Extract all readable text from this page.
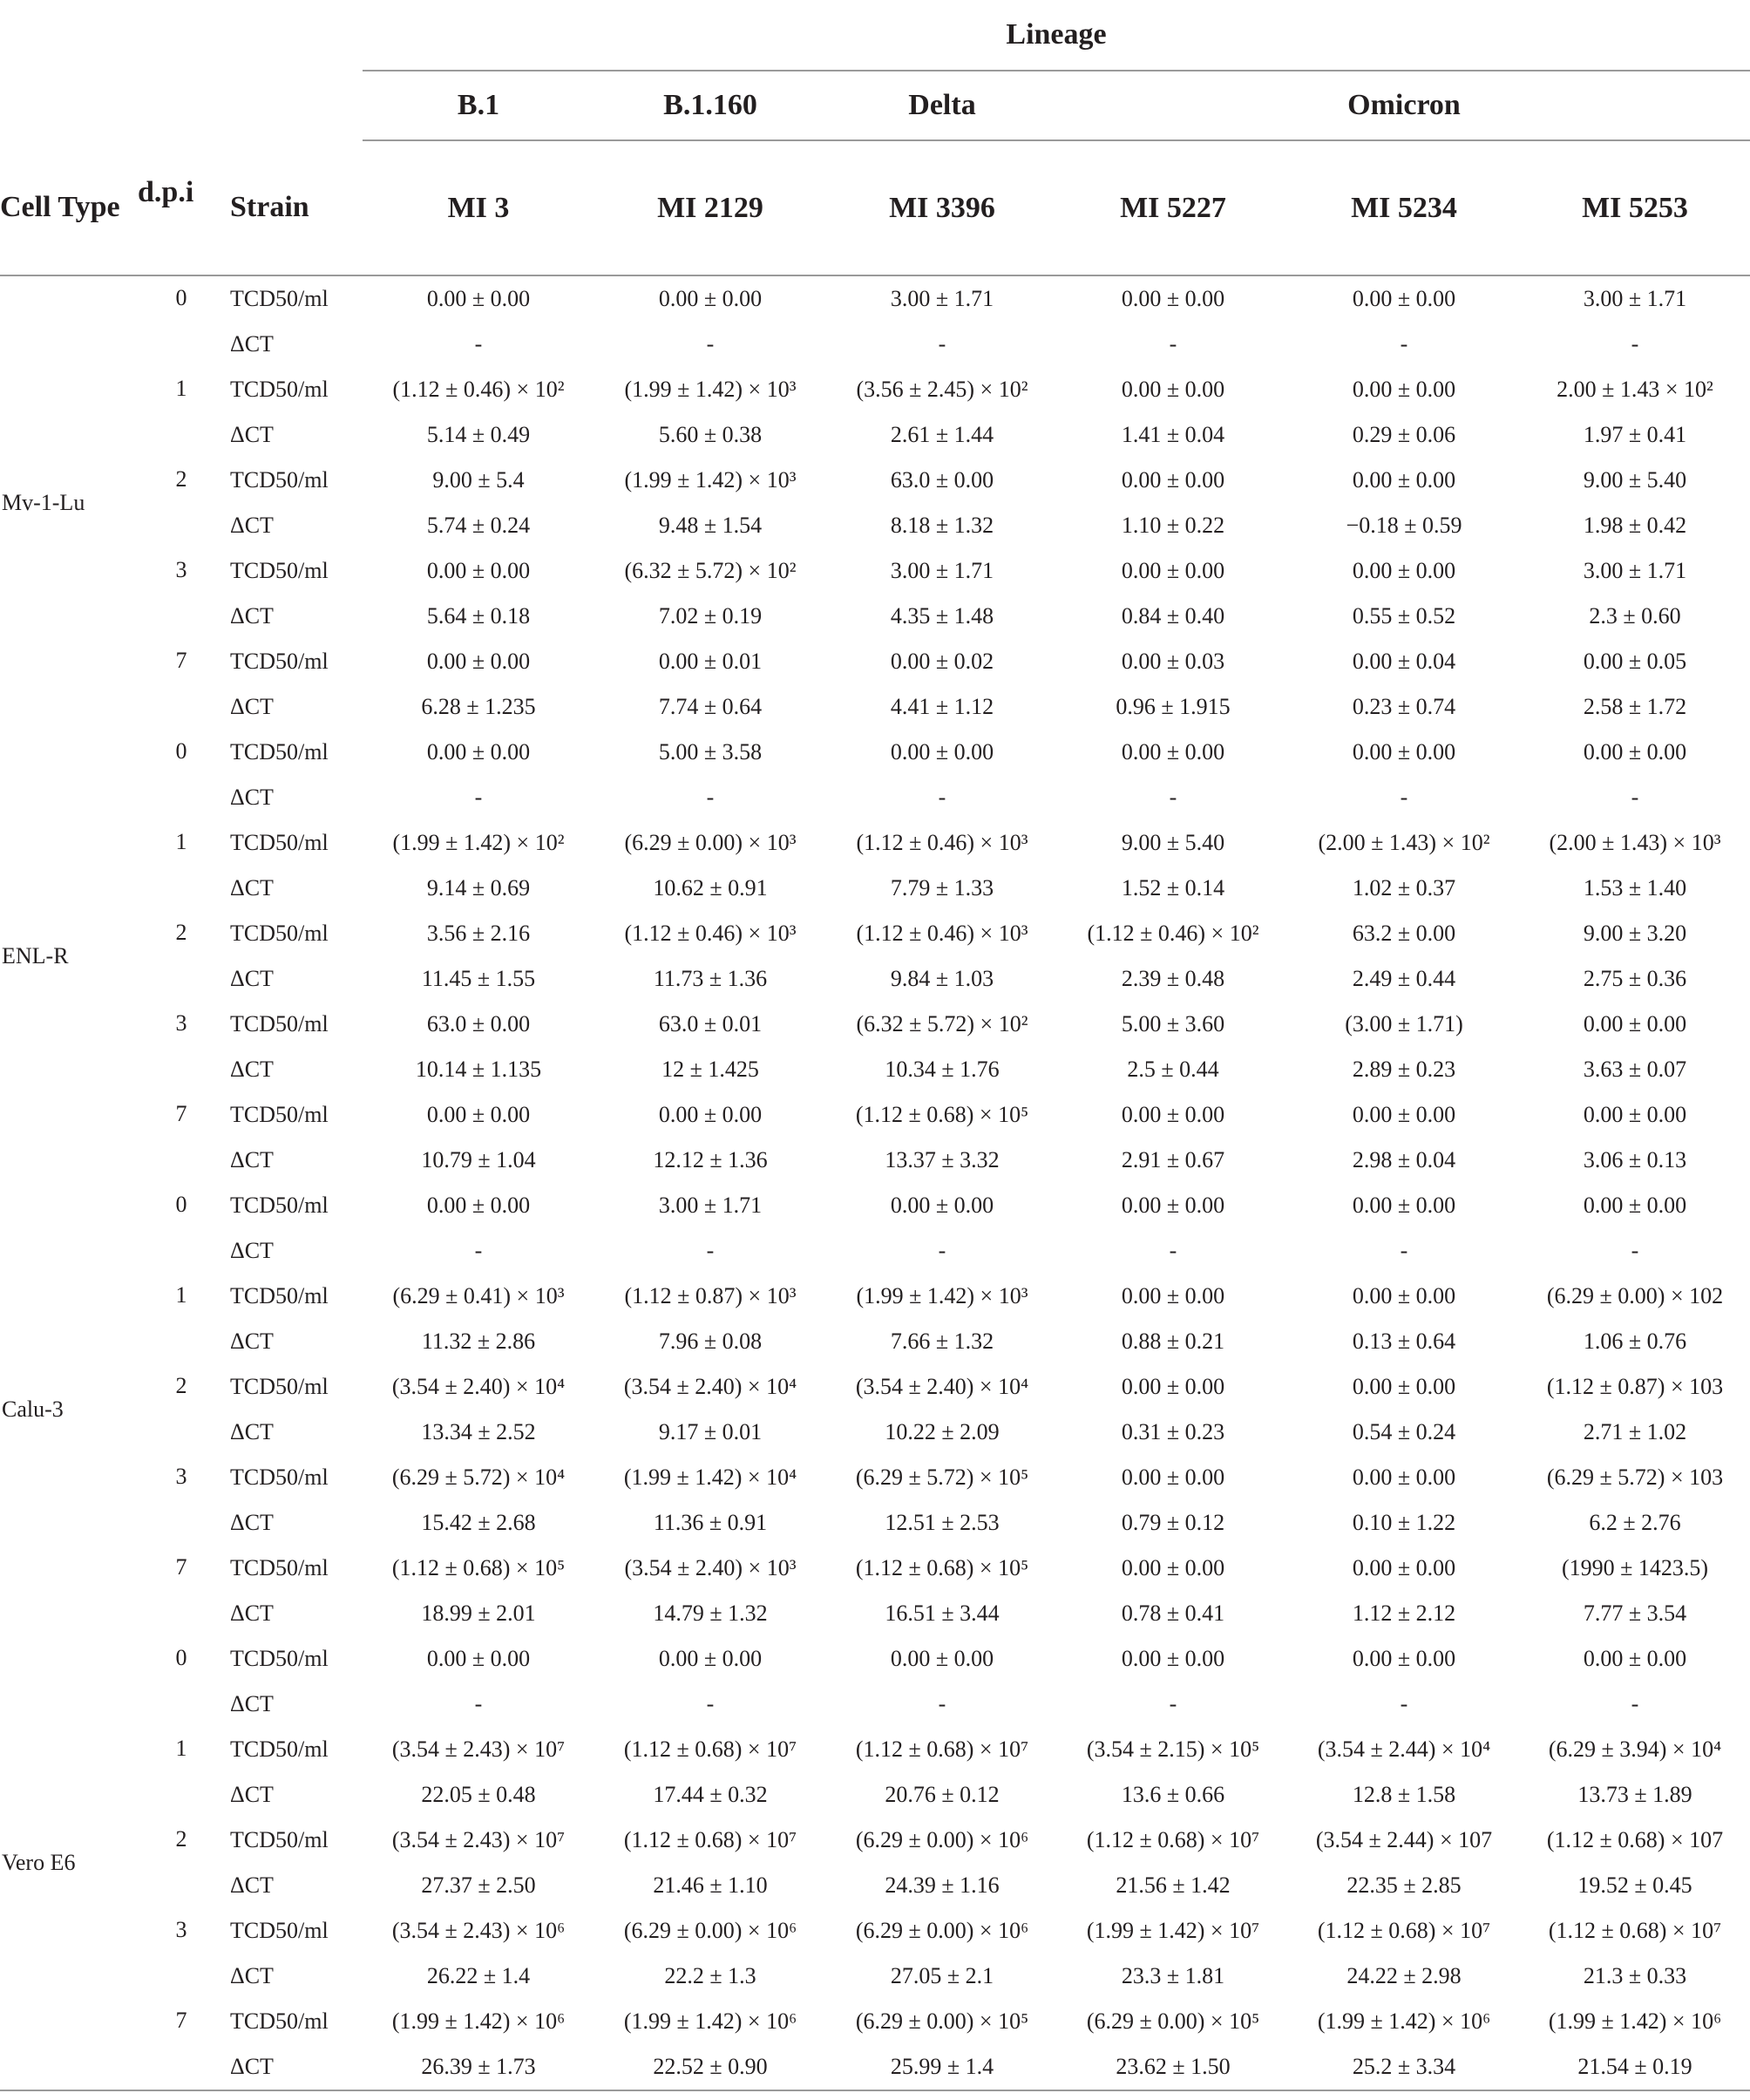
			Lineage					
			B.1	B.1.160	Delta	Omicron		
Cell Type	d.p.i	Strain	MI 3	MI 2129	MI 3396	MI 5227	MI 5234	MI 5253
Mv-1-Lu	0	TCD50/ml	0.00 ± 0.00	0.00 ± 0.00	3.00 ± 1.71	0.00 ± 0.00	0.00 ± 0.00	3.00 ± 1.71
		ΔCT	-	-	-	-	-	-
	1	TCD50/ml	(1.12 ± 0.46) × 10²	(1.99 ± 1.42) × 10³	(3.56 ± 2.45) × 10²	0.00 ± 0.00	0.00 ± 0.00	2.00 ± 1.43 × 10²
		ΔCT	5.14 ± 0.49	5.60 ± 0.38	2.61 ± 1.44	1.41 ± 0.04	0.29 ± 0.06	1.97 ± 0.41
	2	TCD50/ml	9.00 ± 5.4	(1.99 ± 1.42) × 10³	63.0 ± 0.00	0.00 ± 0.00	0.00 ± 0.00	9.00 ± 5.40
		ΔCT	5.74 ± 0.24	9.48 ± 1.54	8.18 ± 1.32	1.10 ± 0.22	−0.18 ± 0.59	1.98 ± 0.42
	3	TCD50/ml	0.00 ± 0.00	(6.32 ± 5.72) × 10²	3.00 ± 1.71	0.00 ± 0.00	0.00 ± 0.00	3.00 ± 1.71
		ΔCT	5.64 ± 0.18	7.02 ± 0.19	4.35 ± 1.48	0.84 ± 0.40	0.55 ± 0.52	2.3 ± 0.60
	7	TCD50/ml	0.00 ± 0.00	0.00 ± 0.01	0.00 ± 0.02	0.00 ± 0.03	0.00 ± 0.04	0.00 ± 0.05
		ΔCT	6.28 ± 1.235	7.74 ± 0.64	4.41 ± 1.12	0.96 ± 1.915	0.23 ± 0.74	2.58 ± 1.72
ENL-R	0	TCD50/ml	0.00 ± 0.00	5.00 ± 3.58	0.00 ± 0.00	0.00 ± 0.00	0.00 ± 0.00	0.00 ± 0.00
		ΔCT	-	-	-	-	-	-
	1	TCD50/ml	(1.99 ± 1.42) × 10²	(6.29 ± 0.00) × 10³	(1.12 ± 0.46) × 10³	9.00 ± 5.40	(2.00 ± 1.43) × 10²	(2.00 ± 1.43) × 10³
		ΔCT	9.14 ± 0.69	10.62 ± 0.91	7.79 ± 1.33	1.52 ± 0.14	1.02 ± 0.37	1.53 ± 1.40
	2	TCD50/ml	3.56 ± 2.16	(1.12 ± 0.46) × 10³	(1.12 ± 0.46) × 10³	(1.12 ± 0.46) × 10²	63.2 ± 0.00	9.00 ± 3.20
		ΔCT	11.45 ± 1.55	11.73 ± 1.36	9.84 ± 1.03	2.39 ± 0.48	2.49 ± 0.44	2.75 ± 0.36
	3	TCD50/ml	63.0 ± 0.00	63.0 ± 0.01	(6.32 ± 5.72) × 10²	5.00 ± 3.60	(3.00 ± 1.71)	0.00 ± 0.00
		ΔCT	10.14 ± 1.135	12 ± 1.425	10.34 ± 1.76	2.5 ± 0.44	2.89 ± 0.23	3.63 ± 0.07
	7	TCD50/ml	0.00 ± 0.00	0.00 ± 0.00	(1.12 ± 0.68) × 10⁵	0.00 ± 0.00	0.00 ± 0.00	0.00 ± 0.00
		ΔCT	10.79 ± 1.04	12.12 ± 1.36	13.37 ± 3.32	2.91 ± 0.67	2.98 ± 0.04	3.06 ± 0.13
Calu-3	0	TCD50/ml	0.00 ± 0.00	3.00 ± 1.71	0.00 ± 0.00	0.00 ± 0.00	0.00 ± 0.00	0.00 ± 0.00
		ΔCT	-	-	-	-	-	-
	1	TCD50/ml	(6.29 ± 0.41) × 10³	(1.12 ± 0.87) × 10³	(1.99 ± 1.42) × 10³	0.00 ± 0.00	0.00 ± 0.00	(6.29 ± 0.00) × 102
		ΔCT	11.32 ± 2.86	7.96 ± 0.08	7.66 ± 1.32	0.88 ± 0.21	0.13 ± 0.64	1.06 ± 0.76
	2	TCD50/ml	(3.54 ± 2.40) × 10⁴	(3.54 ± 2.40) × 10⁴	(3.54 ± 2.40) × 10⁴	0.00 ± 0.00	0.00 ± 0.00	(1.12 ± 0.87) × 103
		ΔCT	13.34 ± 2.52	9.17 ± 0.01	10.22 ± 2.09	0.31 ± 0.23	0.54 ± 0.24	2.71 ± 1.02
	3	TCD50/ml	(6.29 ± 5.72) × 10⁴	(1.99 ± 1.42) × 10⁴	(6.29 ± 5.72) × 10⁵	0.00 ± 0.00	0.00 ± 0.00	(6.29 ± 5.72) × 103
		ΔCT	15.42 ± 2.68	11.36 ± 0.91	12.51 ± 2.53	0.79 ± 0.12	0.10 ± 1.22	6.2 ± 2.76
	7	TCD50/ml	(1.12 ± 0.68) × 10⁵	(3.54 ± 2.40) × 10³	(1.12 ± 0.68) × 10⁵	0.00 ± 0.00	0.00 ± 0.00	(1990 ± 1423.5)
		ΔCT	18.99 ± 2.01	14.79 ± 1.32	16.51 ± 3.44	0.78 ± 0.41	1.12 ± 2.12	7.77 ± 3.54
Vero E6	0	TCD50/ml	0.00 ± 0.00	0.00 ± 0.00	0.00 ± 0.00	0.00 ± 0.00	0.00 ± 0.00	0.00 ± 0.00
		ΔCT	-	-	-	-	-	-
	1	TCD50/ml	(3.54 ± 2.43) × 10⁷	(1.12 ± 0.68) × 10⁷	(1.12 ± 0.68) × 10⁷	(3.54 ± 2.15) × 10⁵	(3.54 ± 2.44) × 10⁴	(6.29 ± 3.94) × 10⁴
		ΔCT	22.05 ± 0.48	17.44 ± 0.32	20.76 ± 0.12	13.6 ± 0.66	12.8 ± 1.58	13.73 ± 1.89
	2	TCD50/ml	(3.54 ± 2.43) × 10⁷	(1.12 ± 0.68) × 10⁷	(6.29 ± 0.00) × 10⁶	(1.12 ± 0.68) × 10⁷	(3.54 ± 2.44) × 107	(1.12 ± 0.68) × 107
		ΔCT	27.37 ± 2.50	21.46 ± 1.10	24.39 ± 1.16	21.56 ± 1.42	22.35 ± 2.85	19.52 ± 0.45
	3	TCD50/ml	(3.54 ± 2.43) × 10⁶	(6.29 ± 0.00) × 10⁶	(6.29 ± 0.00) × 10⁶	(1.99 ± 1.42) × 10⁷	(1.12 ± 0.68) × 10⁷	(1.12 ± 0.68) × 10⁷
		ΔCT	26.22 ± 1.4	22.2 ± 1.3	27.05 ± 2.1	23.3 ± 1.81	24.22 ± 2.98	21.3 ± 0.33
	7	TCD50/ml	(1.99 ± 1.42) × 10⁶	(1.99 ± 1.42) × 10⁶	(6.29 ± 0.00) × 10⁵	(6.29 ± 0.00) × 10⁵	(1.99 ± 1.42) × 10⁶	(1.99 ± 1.42) × 10⁶
		ΔCT	26.39 ± 1.73	22.52 ± 0.90	25.99 ± 1.4	23.62 ± 1.50	25.2 ± 3.34	21.54 ± 0.19
